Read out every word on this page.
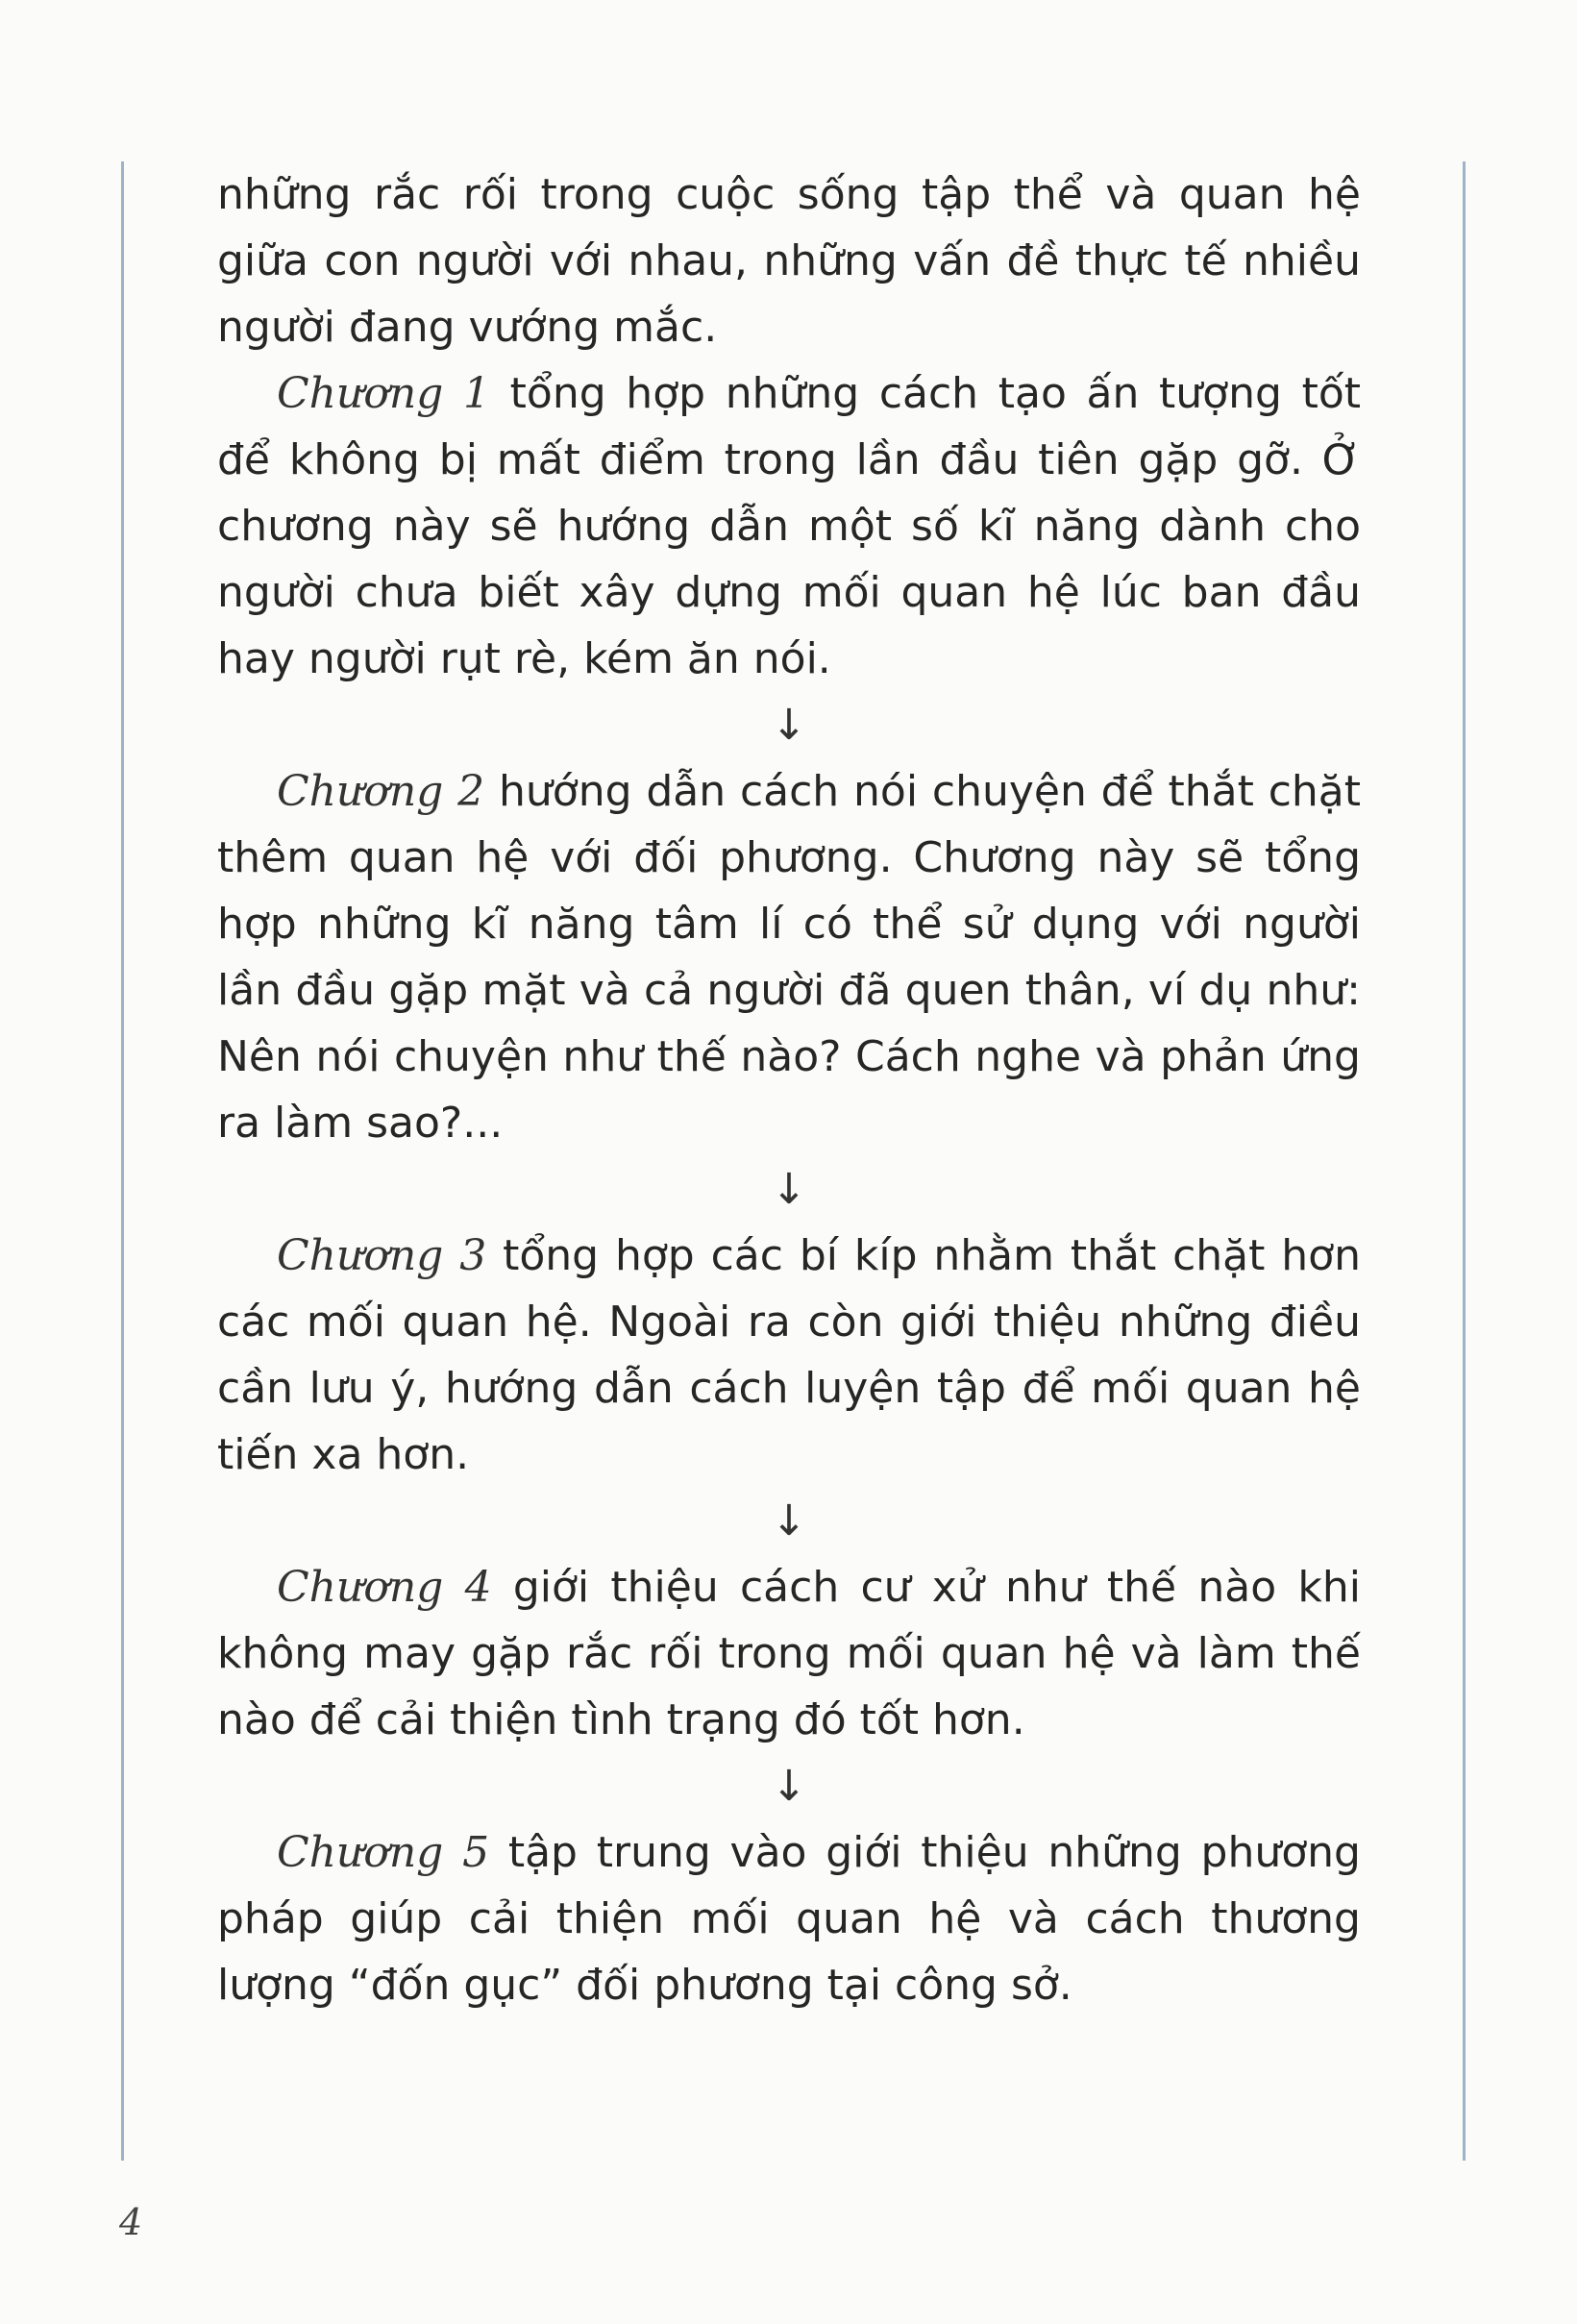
những rắc rối trong cuộc sống tập thể và quan hệ giữa con người với nhau, những vấn đề thực tế nhiều người đang vướng mắc.

Chương 1 tổng hợp những cách tạo ấn tượng tốt để không bị mất điểm trong lần đầu tiên gặp gỡ. Ở chương này sẽ hướng dẫn một số kĩ năng dành cho người chưa biết xây dựng mối quan hệ lúc ban đầu hay người rụt rè, kém ăn nói.

↓

Chương 2 hướng dẫn cách nói chuyện để thắt chặt thêm quan hệ với đối phương. Chương này sẽ tổng hợp những kĩ năng tâm lí có thể sử dụng với người lần đầu gặp mặt và cả người đã quen thân, ví dụ như: Nên nói chuyện như thế nào? Cách nghe và phản ứng ra làm sao?...

↓

Chương 3 tổng hợp các bí kíp nhằm thắt chặt hơn các mối quan hệ. Ngoài ra còn giới thiệu những điều cần lưu ý, hướng dẫn cách luyện tập để mối quan hệ tiến xa hơn.

↓

Chương 4 giới thiệu cách cư xử như thế nào khi không may gặp rắc rối trong mối quan hệ và làm thế nào để cải thiện tình trạng đó tốt hơn.

↓

Chương 5 tập trung vào giới thiệu những phương pháp giúp cải thiện mối quan hệ và cách thương lượng “đốn gục” đối phương tại công sở.

4
